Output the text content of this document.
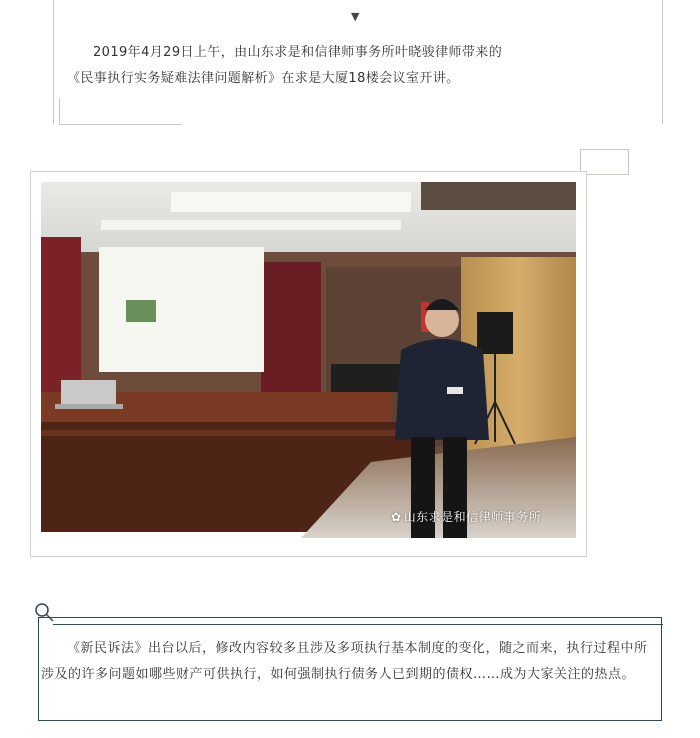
▼

2019年4月29日上午，由山东求是和信律师事务所叶晓骏律师带来的
《民事执行实务疑难法律问题解析》在求是大厦18楼会议室开讲。

✿ 山东求是和信律师事务所

《新民诉法》出台以后，修改内容较多且涉及多项执行基本制度的变化，随之而来，执行过程中所涉及的许多问题如哪些财产可供执行，如何强制执行债务人已到期的债权……成为大家关注的热点。
